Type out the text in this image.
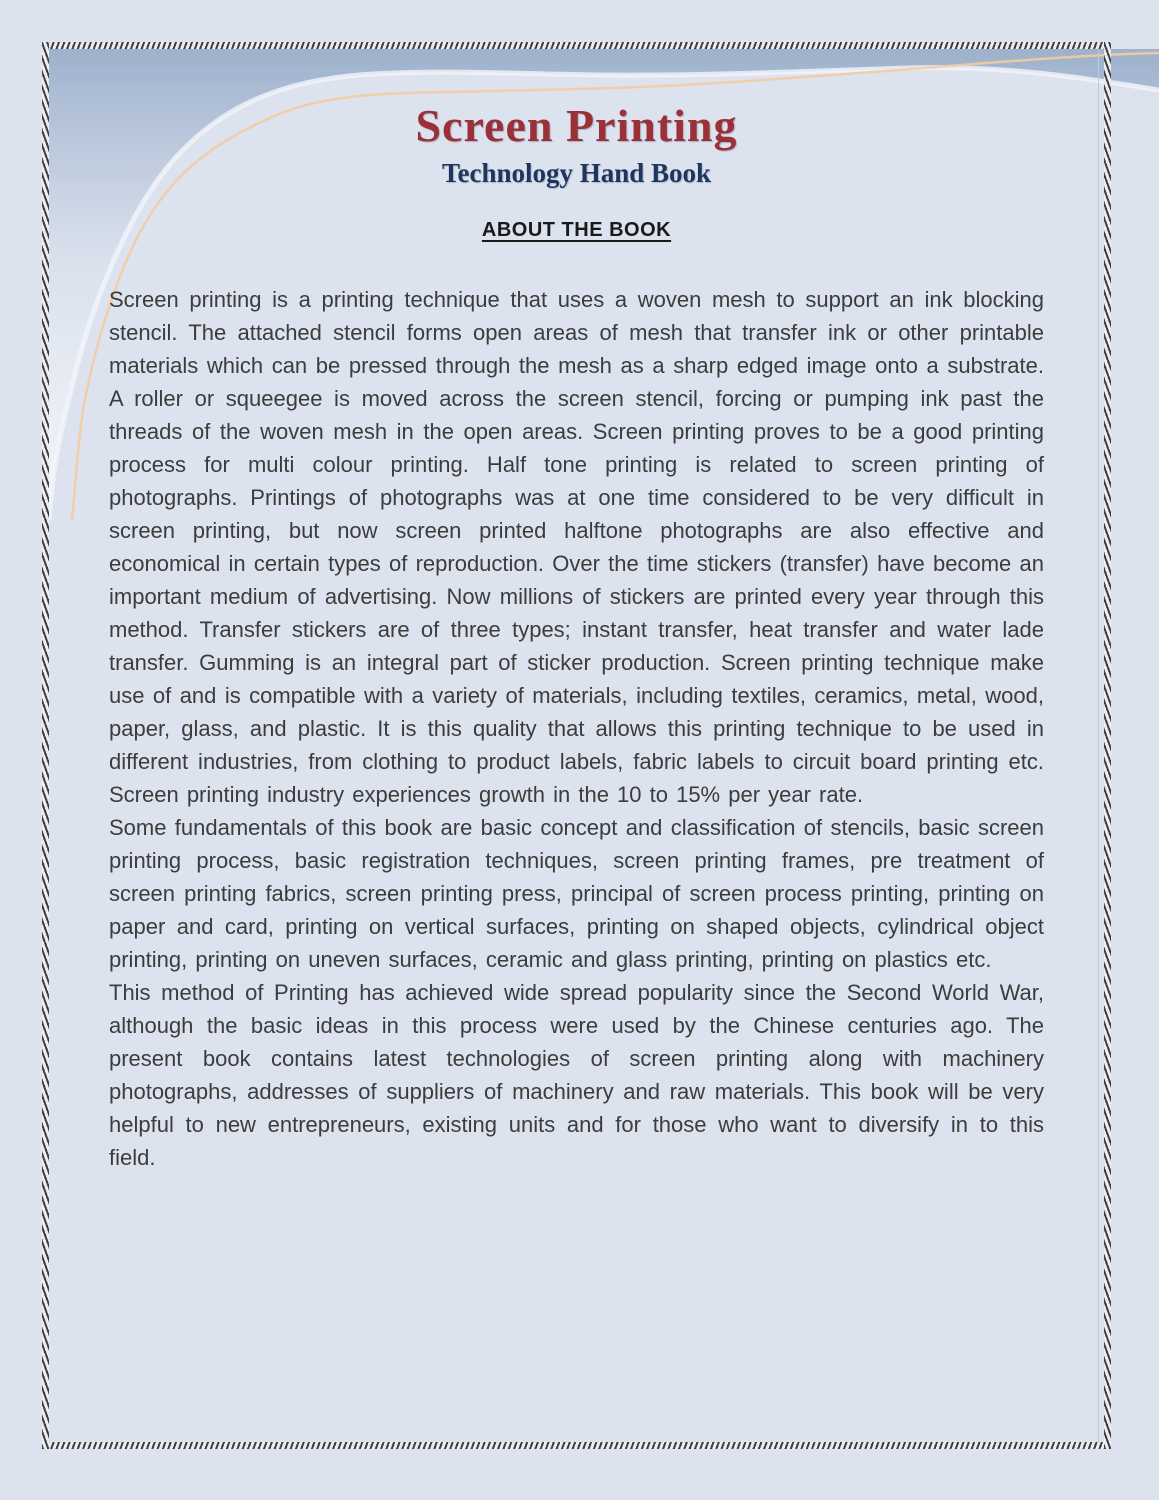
Screen Printing
Technology Hand Book
ABOUT THE BOOK

Screen printing is a printing technique that uses a woven mesh to support an ink blocking stencil. The attached stencil forms open areas of mesh that transfer ink or other printable materials which can be pressed through the mesh as a sharp edged image onto a substrate. A roller or squeegee is moved across the screen stencil, forcing or pumping ink past the threads of the woven mesh in the open areas. Screen printing proves to be a good printing process for multi colour printing. Half tone printing is related to screen printing of photographs. Printings of photographs was at one time considered to be very difficult in screen printing, but now screen printed halftone photographs are also effective and economical in certain types of reproduction. Over the time stickers (transfer) have become an important medium of advertising. Now millions of stickers are printed every year through this method. Transfer stickers are of three types; instant transfer, heat transfer and water lade transfer. Gumming is an integral part of sticker production. Screen printing technique make use of and is compatible with a variety of materials, including textiles, ceramics, metal, wood, paper, glass, and plastic. It is this quality that allows this printing technique to be used in different industries, from clothing to product labels, fabric labels to circuit board printing etc. Screen printing industry experiences growth in the 10 to 15% per year rate.

Some fundamentals of this book are basic concept and classification of stencils, basic screen printing process, basic registration techniques, screen printing frames, pre treatment of screen printing fabrics, screen printing press, principal of screen process printing, printing on paper and card, printing on vertical surfaces, printing on shaped objects, cylindrical object printing, printing on uneven surfaces, ceramic and glass printing, printing on plastics etc.

This method of Printing has achieved wide spread popularity since the Second World War, although the basic ideas in this process were used by the Chinese centuries ago. The present book contains latest technologies of screen printing along with machinery photographs, addresses of suppliers of machinery and raw materials. This book will be very helpful to new entrepreneurs, existing units and for those who want to diversify in to this field.
